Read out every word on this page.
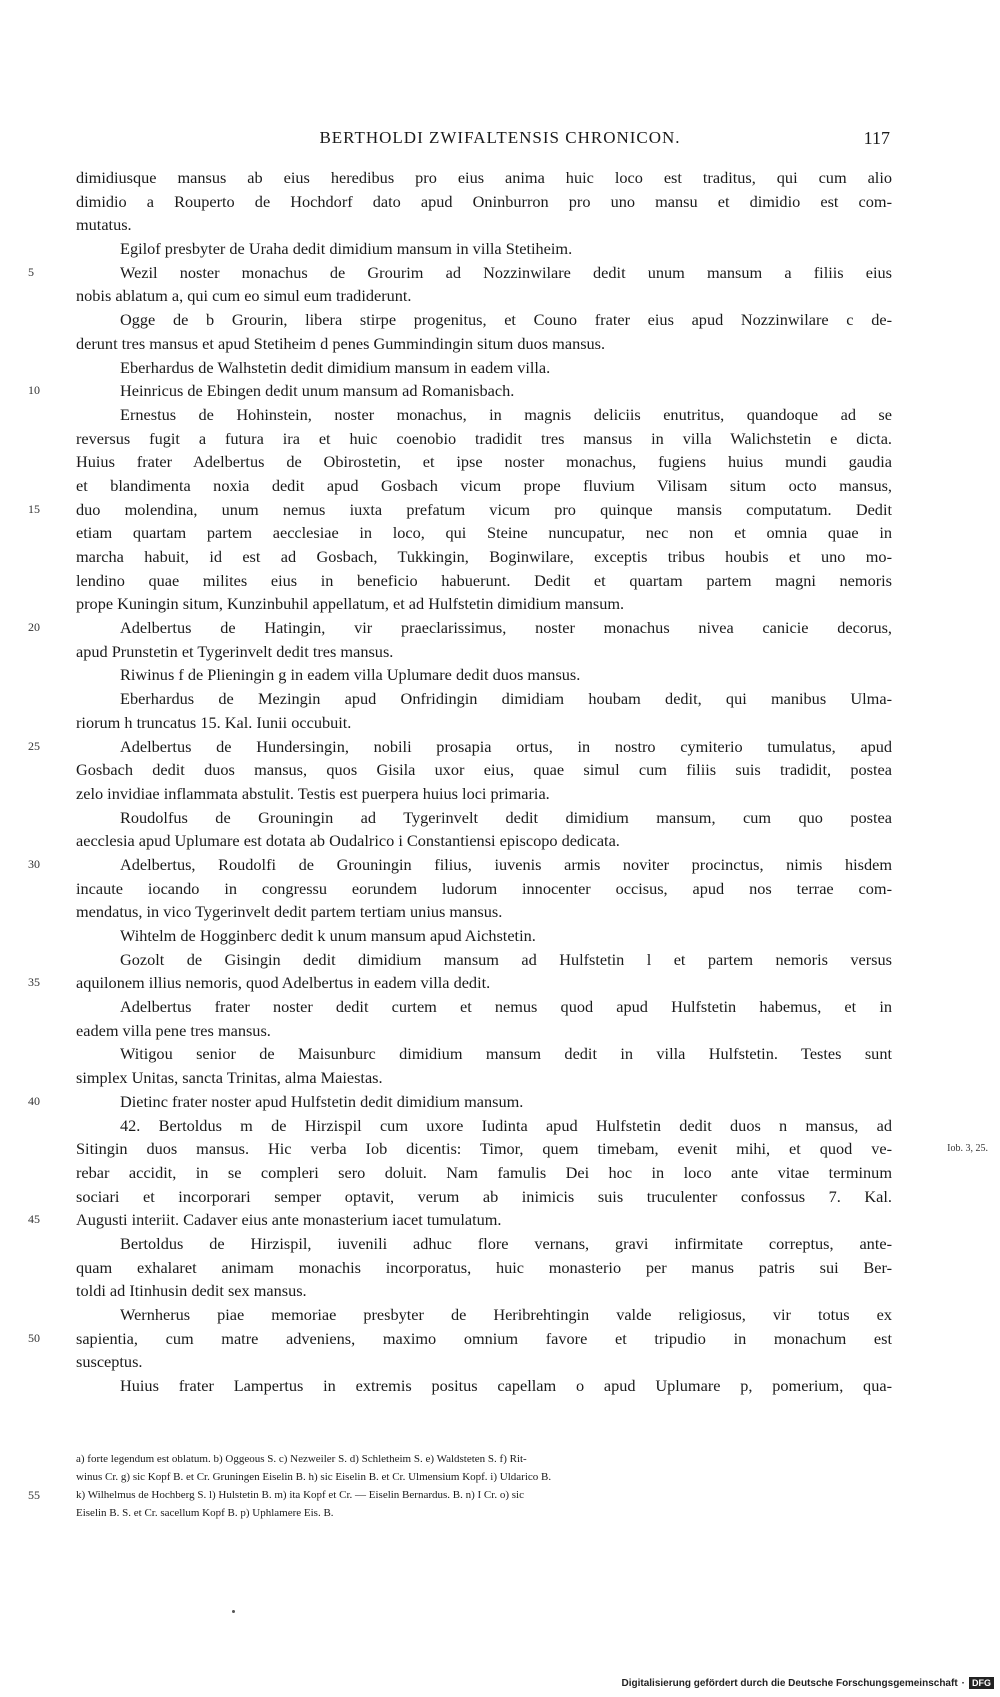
BERTHOLDI ZWIFALTENSIS CHRONICON.	117
dimidiusque mansus ab eius heredibus pro eius anima huic loco est traditus, qui cum alio
dimidio a Rouperto de Hochdorf dato apud Oninburron pro uno mansu et dimidio est com-
mutatus.
Egilof presbyter de Uraha dedit dimidium mansum in villa Stetiheim.
Wezil noster monachus de Grourim ad Nozzinwilare dedit unum mansum a filiis eius
5
nobis ablatum a, qui cum eo simul eum tradiderunt.
Ogge de b Grourin, libera stirpe progenitus, et Couno frater eius apud Nozzinwilare c de-
derunt tres mansus et apud Stetiheim d penes Gummindingin situm duos mansus.
Eberhardus de Walhstetin dedit dimidium mansum in eadem villa.
Heinricus de Ebingen dedit unum mansum ad Romanisbach.
10
Ernestus de Hohinstein, noster monachus, in magnis deliciis enutritus, quandoque ad se
reversus fugit a futura ira et huic coenobio tradidit tres mansus in villa Walichstetin e dicta.
Huius frater Adelbertus de Obirostetin, et ipse noster monachus, fugiens huius mundi gaudia
et blandimenta noxia dedit apud Gosbach vicum prope fluvium Vilisam situm octo mansus,
duo molendina, unum nemus iuxta prefatum vicum pro quinque mansis computatum. Dedit
15
etiam quartam partem aecclesiae in loco, qui Steine nuncupatur, nec non et omnia quae in
marcha habuit, id est ad Gosbach, Tukkingin, Boginwilare, exceptis tribus houbis et uno mo-
lendino quae milites eius in beneficio habuerunt. Dedit et quartam partem magni nemoris
prope Kuningin situm, Kunzinbuhil appellatum, et ad Hulfstetin dimidium mansum.
Adelbertus de Hatingin, vir praeclarissimus, noster monachus nivea canicie decorus,
20
apud Prunstetin et Tygerinvelt dedit tres mansus.
Riwinus f de Plieningin g in eadem villa Uplumare dedit duos mansus.
Eberhardus de Mezingin apud Onfridingin dimidiam houbam dedit, qui manibus Ulma-
riorum h truncatus 15. Kal. Iunii occubuit.
Adelbertus de Hundersingin, nobili prosapia ortus, in nostro cymiterio tumulatus, apud
25
Gosbach dedit duos mansus, quos Gisila uxor eius, quae simul cum filiis suis tradidit, postea
zelo invidiae inflammata abstulit. Testis est puerpera huius loci primaria.
Roudolfus de Grouningin ad Tygerinvelt dedit dimidium mansum, cum quo postea
aecclesia apud Uplumare est dotata ab Oudalrico i Constantiensi episcopo dedicata.
Adelbertus, Roudolfi de Grouningin filius, iuvenis armis noviter procinctus, nimis hisdem
30
incaute iocando in congressu eorundem ludorum innocenter occisus, apud nos terrae com-
mendatus, in vico Tygerinvelt dedit partem tertiam unius mansus.
Wihtelm de Hogginberc dedit k unum mansum apud Aichstetin.
Gozolt de Gisingin dedit dimidium mansum ad Hulfstetin l et partem nemoris versus
aquilonem illius nemoris, quod Adelbertus in eadem villa dedit.
35
Adelbertus frater noster dedit curtem et nemus quod apud Hulfstetin habemus, et in
eadem villa pene tres mansus.
Witigou senior de Maisunburc dimidium mansum dedit in villa Hulfstetin. Testes sunt
simplex Unitas, sancta Trinitas, alma Maiestas.
Dietinc frater noster apud Hulfstetin dedit dimidium mansum.
40
42. Bertoldus m de Hirzispil cum uxore Iudinta apud Hulfstetin dedit duos n mansus, ad
Sitingin duos mansus. Hic verba Iob dicentis: Timor, quem timebam, evenit mihi, et quod ve-	Iob. 3, 25.
rebar accidit, in se compleri sero doluit. Nam famulis Dei hoc in loco ante vitae terminum
sociari et incorporari semper optavit, verum ab inimicis suis truculenter confossus 7. Kal.
Augusti interiit. Cadaver eius ante monasterium iacet tumulatum.
45
Bertoldus de Hirzispil, iuvenili adhuc flore vernans, gravi infirmitate correptus, ante-
quam exhalaret animam monachis incorporatus, huic monasterio per manus patris sui Ber-
toldi ad Itinhusin dedit sex mansus.
Wernherus piae memoriae presbyter de Heribrehtingin valde religiosus, vir totus ex
sapientia, cum matre adveniens, maximo omnium favore et tripudio in monachum est
50
susceptus.
Huius frater Lampertus in extremis positus capellam o apud Uplumare p, pomerium, qua-
a) forte legendum est oblatum. b) Oggeous S. c) Nezweiler S. d) Schletheim S. e) Waldsteten S. f) Rit-
winus Cr. g) sic Kopf B. et Cr. Gruningen Eiselin B. h) sic Eiselin B. et Cr. Ulmensium Kopf. i) Uldarico B.
k) Wilhelmus de Hochberg S. l) Hulstetin B. m) ita Kopf et Cr. — Eiselin Bernardus. B. n) I Cr. o) sic
55
Eiselin B. S. et Cr. sacellum Kopf B. p) Uphlamere Eis. B.
Digitalisierung gefördert durch die Deutsche Forschungsgemeinschaft · DFG
